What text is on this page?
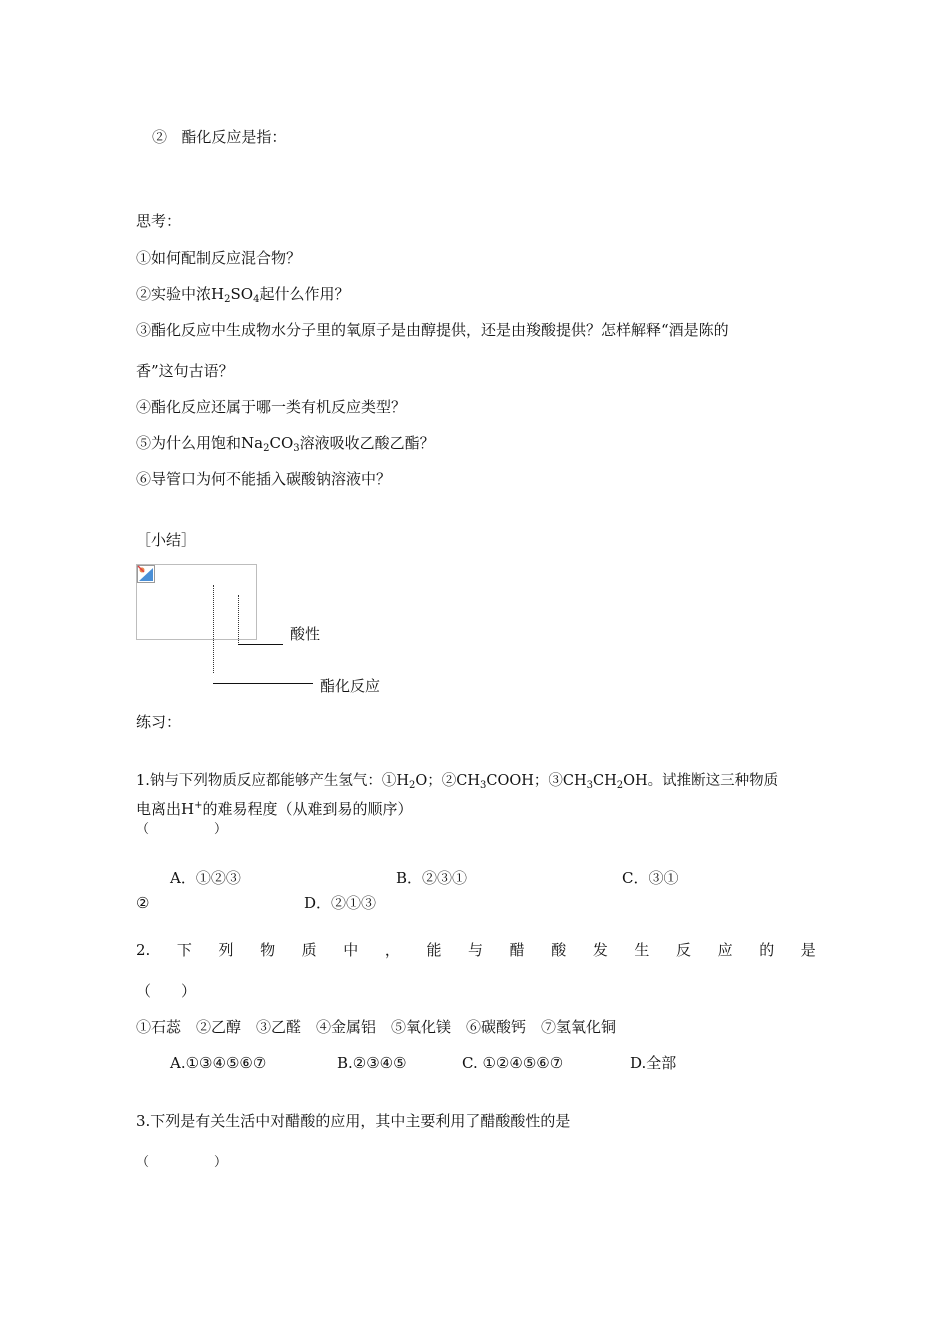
② 酯化反应是指：
思考：
①如何配制反应混合物？
②实验中浓$H_2SO_4$起什么作用？
③酯化反应中生成物水分子里的氧原子是由醇提供，还是由羧酸提供？怎样解释“酒是陈的
香”这句古语？
④酯化反应还属于哪一类有机反应类型？
⑤为什么用饱和$Na_2CO_3$溶液吸收乙酸乙酯？
⑥导管口为何不能插入碳酸钠溶液中？
［小结］
酸性
酯化反应
练习：
1.钠与下列物质反应都能够产生氢气：$①H_2O$；$②CH_3COOH$；$③CH_3CH_2OH$。试推断这三种物质
电离出H+的难易程度（从难到易的顺序）
（　　　　　）
A．①②③	B．②③①	C．③①
②	D．②①③
2. 下 列 物 质 中 ， 能 与 醋 酸 发 生 反 应 的 是
（　　）
①石蕊　②乙醇　③乙醛　④金属铝　⑤氧化镁　⑥碳酸钙　⑦氢氧化铜
A.①③④⑤⑥⑦	B.②③④⑤	C. ①②④⑤⑥⑦	D.全部
3.下列是有关生活中对醋酸的应用，其中主要利用了醋酸酸性的是
（　　　　　）
